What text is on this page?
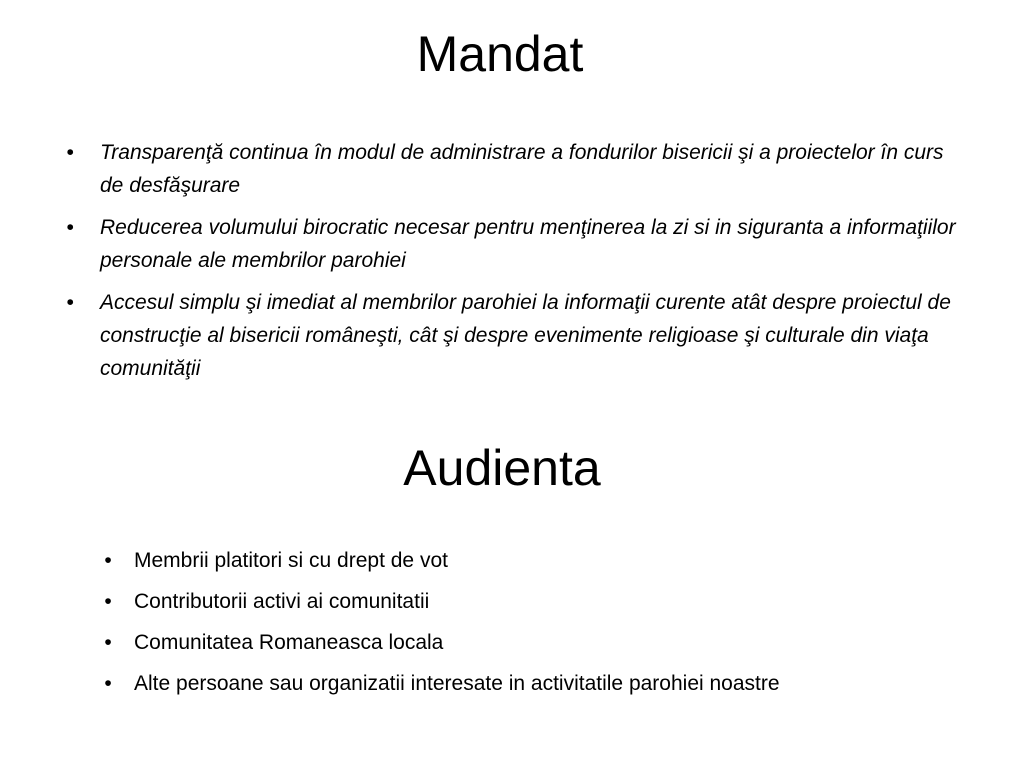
Mandat
•	Transparenţă continua în modul de administrare a fondurilor bisericii şi a proiectelor în curs de desfăşurare
•	Reducerea volumului birocratic necesar pentru menţinerea la zi si in siguranta a informaţiilor personale ale membrilor parohiei
•	Accesul simplu şi imediat al membrilor parohiei la informaţii curente atât despre proiectul de construcţie al bisericii româneşti, cât şi despre evenimente religioase şi culturale din viaţa comunităţii
Audienta
•	Membrii platitori si cu drept de vot
•	Contributorii activi ai comunitatii
•	Comunitatea Romaneasca locala
•	Alte persoane sau organizatii interesate in activitatile parohiei noastre
